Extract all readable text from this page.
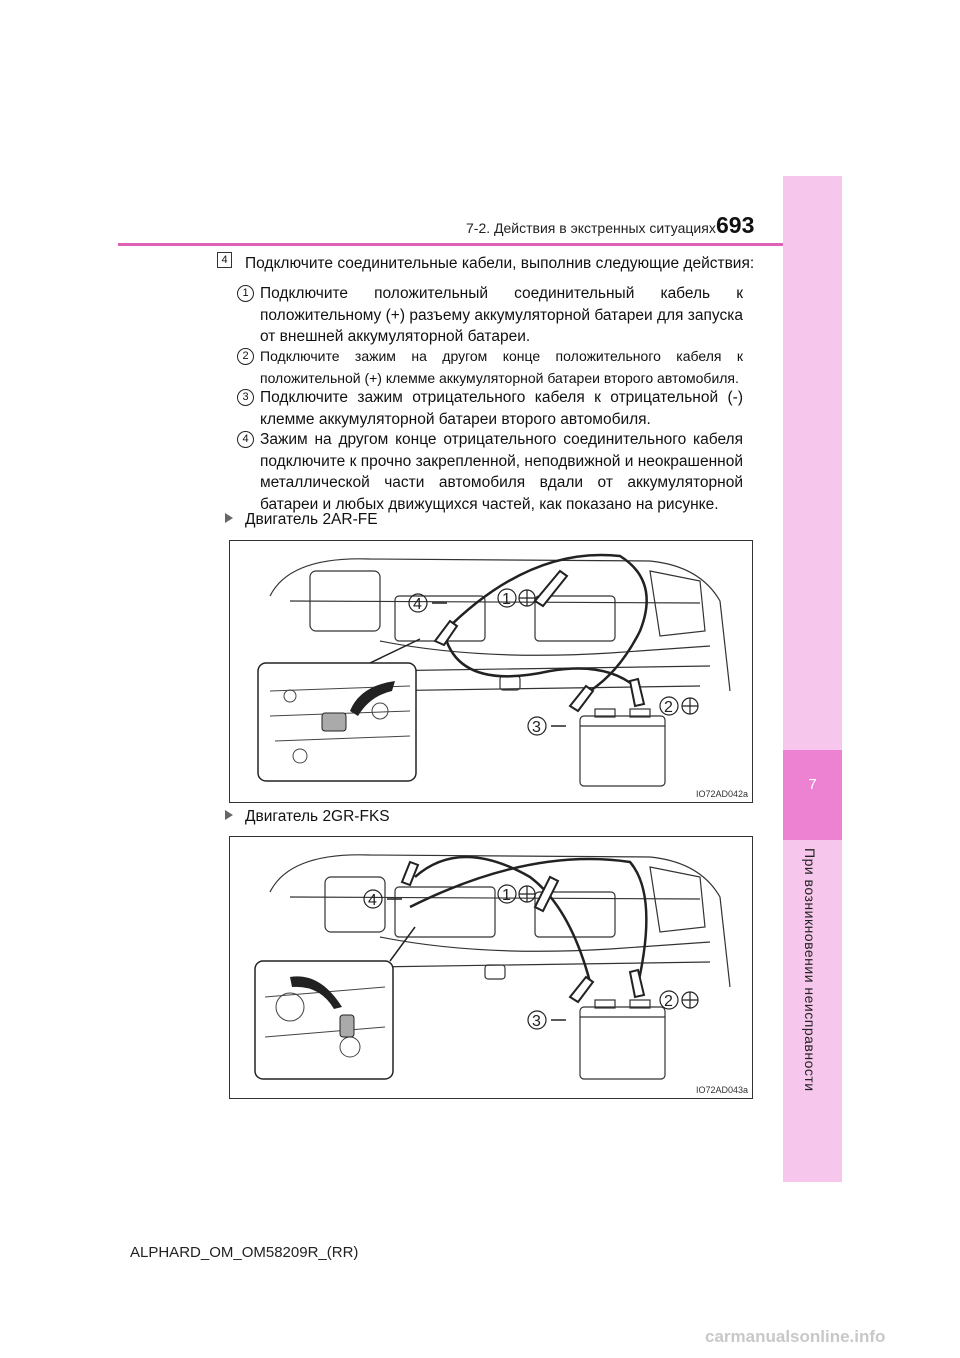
7-2. Действия в экстренных ситуациях 693
7
При возникновении неисправности
4 Подключите соединительные кабели, выполнив следующие действия:
1 Подключите положительный соединительный кабель к положительному (+) разъему аккумуляторной батареи для запуска от внешней аккумуляторной батареи.
2 Подключите зажим на другом конце положительного кабеля к положительной (+) клемме аккумуляторной батареи второго автомобиля.
3 Подключите зажим отрицательного кабеля к отрицательной (-) клемме аккумуляторной батареи второго автомобиля.
4 Зажим на другом конце отрицательного соединительного кабеля подключите к прочно закрепленной, неподвижной и неокрашенной металлической части автомобиля вдали от аккумуляторной батареи и любых движущихся частей, как показано на рисунке.
Двигатель 2AR-FE
4	1
2
3
IO72AD042a
Двигатель 2GR-FKS
4	1
2
3
IO72AD043a
ALPHARD_OM_OM58209R_(RR)
carmanualsonline.info
